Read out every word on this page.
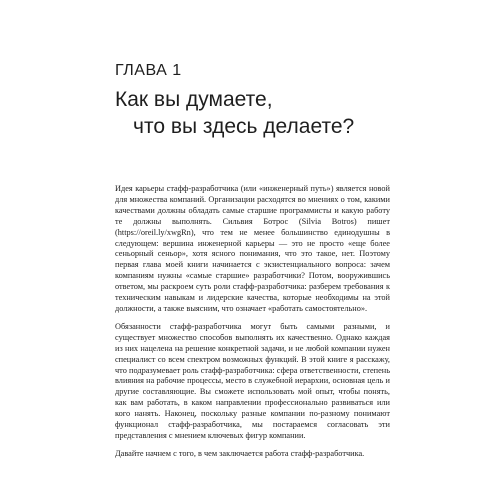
ГЛАВА 1
Как вы думаете,
что вы здесь делаете?

Идея карьеры стафф-разработчика (или «инженерный путь») является новой для множества компаний. Организации расходятся во мнениях о том, какими качествами должны обладать самые старшие программисты и какую работу те должны выполнять. Сильвия Ботрос (Silvia Botros) пишет (https://oreil.ly/xwgRn), что тем не менее большинство единодушны в следующем: вершина инженерной карьеры — это не просто «еще более сеньорный сеньор», хотя ясного понимания, что это такое, нет. Поэтому первая глава моей книги начинается с экзистенциального вопроса: зачем компаниям нужны «самые старшие» разработчики? Потом, вооружившись ответом, мы раскроем суть роли стафф-разработчика: разберем требования к техническим навыкам и лидерские качества, которые необходимы на этой должности, а также выясним, что означает «работать самостоятельно».

Обязанности стафф-разработчика могут быть самыми разными, и существует множество способов выполнять их качественно. Однако каждая из них нацелена на решение конкретной задачи, и не любой компании нужен специалист со всем спектром возможных функций. В этой книге я расскажу, что подразумевает роль стафф-разработчика: сфера ответственности, степень влияния на рабочие процессы, место в служебной иерархии, основная цель и другие составляющие. Вы сможете использовать мой опыт, чтобы понять, как вам работать, в каком направлении профессионально развиваться или кого нанять. Наконец, поскольку разные компании по-разному понимают функционал стафф-разработчика, мы постараемся согласовать эти представления с мнением ключевых фигур компании.

Давайте начнем с того, в чем заключается работа стафф-разработчика.
